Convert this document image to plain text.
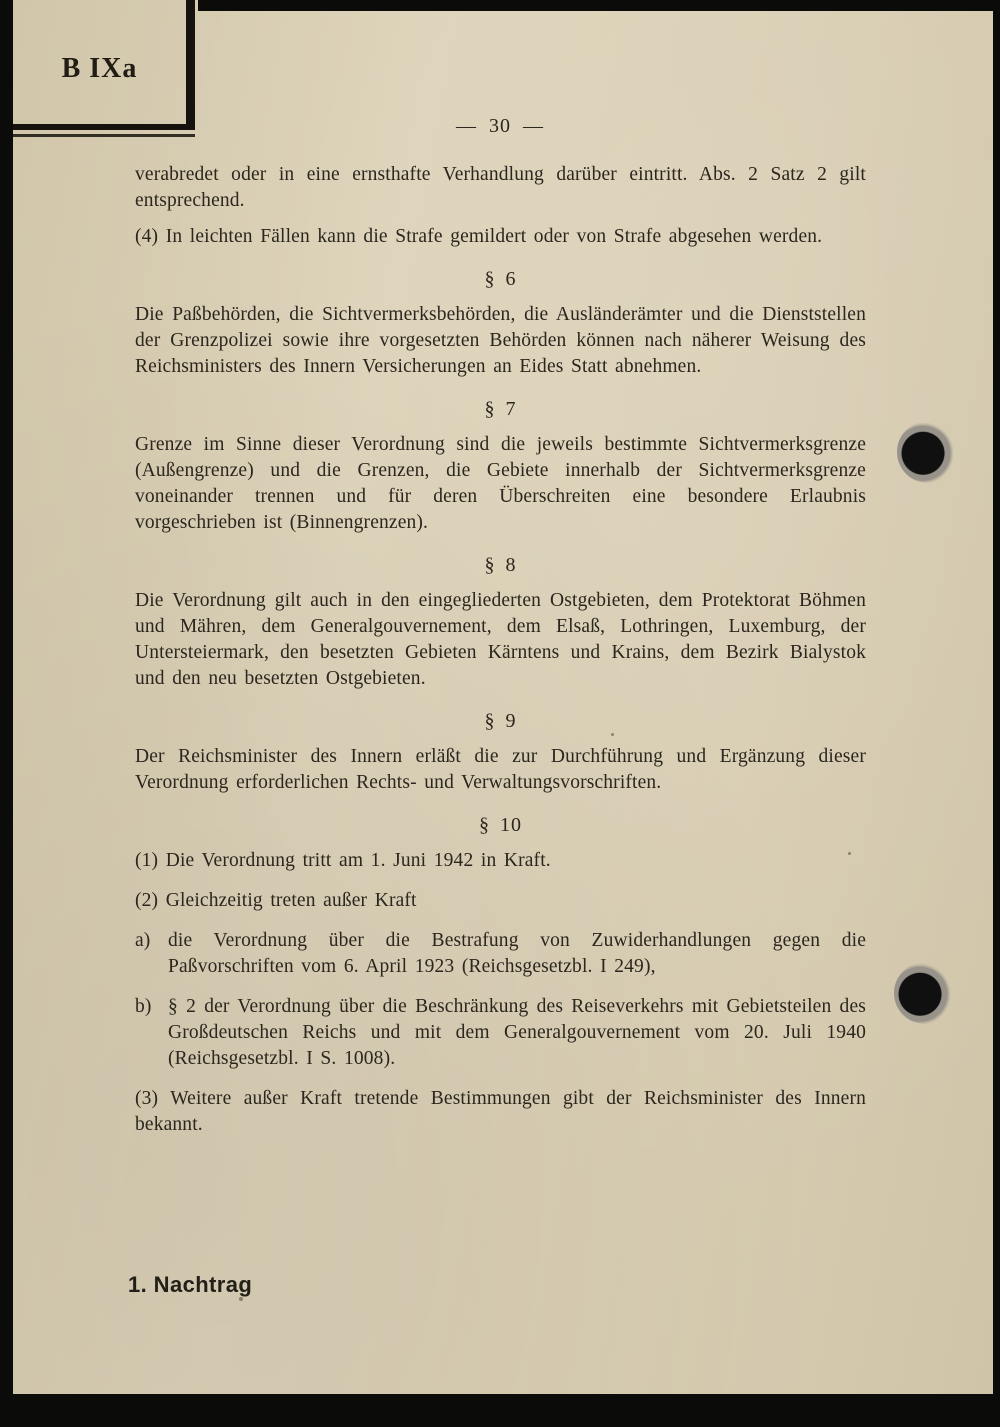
B IXa
— 30 —

verabredet oder in eine ernsthafte Verhandlung darüber eintritt. Abs. 2 Satz 2 gilt entsprechend.

(4) In leichten Fällen kann die Strafe gemildert oder von Strafe abgesehen werden.

§ 6

Die Paßbehörden, die Sichtvermerksbehörden, die Ausländerämter und die Dienststellen der Grenzpolizei sowie ihre vorgesetzten Behörden können nach näherer Weisung des Reichsministers des Innern Versicherungen an Eides Statt abnehmen.

§ 7

Grenze im Sinne dieser Verordnung sind die jeweils bestimmte Sichtvermerksgrenze (Außengrenze) und die Grenzen, die Gebiete innerhalb der Sichtvermerksgrenze voneinander trennen und für deren Überschreiten eine besondere Erlaubnis vorgeschrieben ist (Binnengrenzen).

§ 8

Die Verordnung gilt auch in den eingegliederten Ostgebieten, dem Protektorat Böhmen und Mähren, dem Generalgouvernement, dem Elsaß, Lothringen, Luxemburg, der Untersteiermark, den besetzten Gebieten Kärntens und Krains, dem Bezirk Bialystok und den neu besetzten Ostgebieten.

§ 9

Der Reichsminister des Innern erläßt die zur Durchführung und Ergänzung dieser Verordnung erforderlichen Rechts- und Verwaltungsvorschriften.

§ 10

(1) Die Verordnung tritt am 1. Juni 1942 in Kraft.

(2) Gleichzeitig treten außer Kraft

a) die Verordnung über die Bestrafung von Zuwiderhandlungen gegen die Paßvorschriften vom 6. April 1923 (Reichsgesetzbl. I 249),

b) § 2 der Verordnung über die Beschränkung des Reiseverkehrs mit Gebietsteilen des Großdeutschen Reichs und mit dem Generalgouvernement vom 20. Juli 1940 (Reichsgesetzbl. I S. 1008).

(3) Weitere außer Kraft tretende Bestimmungen gibt der Reichsminister des Innern bekannt.

1. Nachtrag
